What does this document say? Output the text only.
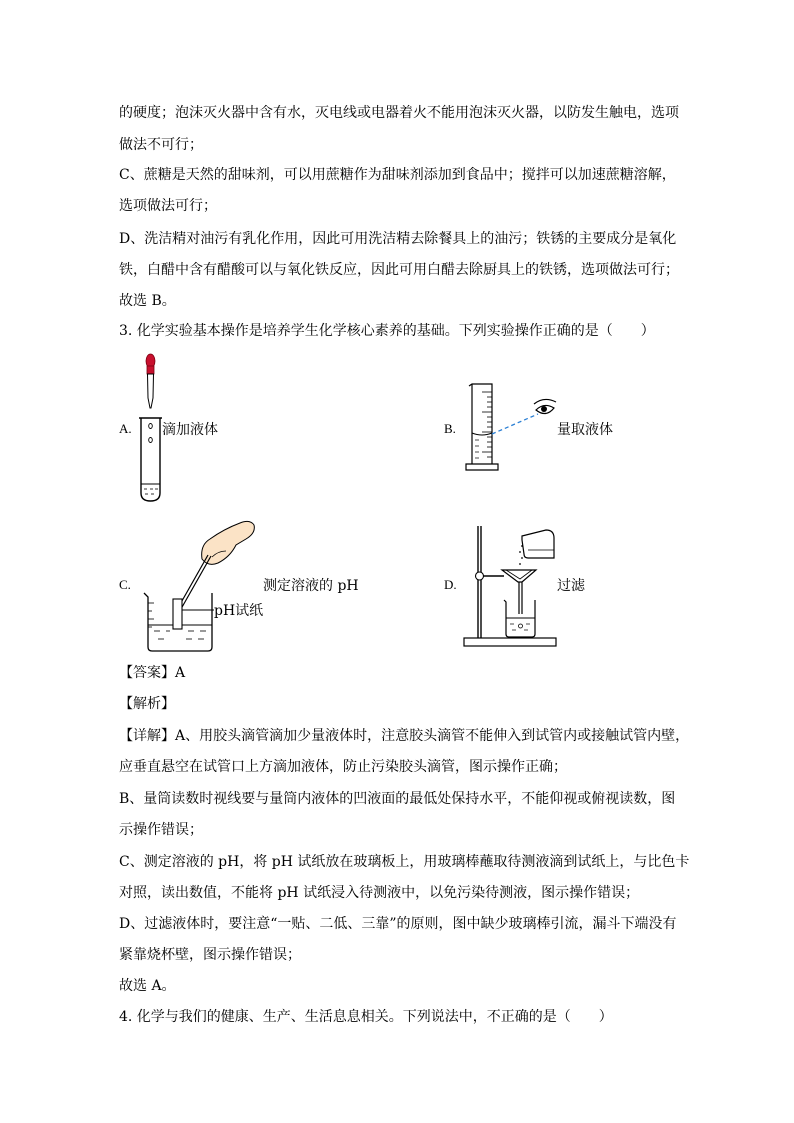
的硬度；泡沫灭火器中含有水，灭电线或电器着火不能用泡沫灭火器，以防发生触电，选项
做法不可行；
C、蔗糖是天然的甜味剂，可以用蔗糖作为甜味剂添加到食品中；搅拌可以加速蔗糖溶解，
选项做法可行；
D、洗洁精对油污有乳化作用，因此可用洗洁精去除餐具上的油污；铁锈的主要成分是氧化
铁，白醋中含有醋酸可以与氧化铁反应，因此可用白醋去除厨具上的铁锈，选项做法可行；
故选 B。
3. 化学实验基本操作是培养学生化学核心素养的基础。下列实验操作正确的是（　　）
A. 滴加液体	B.	量取液体
C.	测定溶液的 pH
pH试纸
D.	过滤
【答案】A
【解析】
【详解】A、用胶头滴管滴加少量液体时，注意胶头滴管不能伸入到试管内或接触试管内壁，
应垂直悬空在试管口上方滴加液体，防止污染胶头滴管，图示操作正确；
B、量筒读数时视线要与量筒内液体的凹液面的最低处保持水平，不能仰视或俯视读数，图
示操作错误；
C、测定溶液的 pH，将 pH 试纸放在玻璃板上，用玻璃棒蘸取待测液滴到试纸上，与比色卡
对照，读出数值，不能将 pH 试纸浸入待测液中，以免污染待测液，图示操作错误；
D、过滤液体时，要注意“一贴、二低、三靠”的原则，图中缺少玻璃棒引流，漏斗下端没有
紧靠烧杯壁，图示操作错误；
故选 A。
4. 化学与我们的健康、生产、生活息息相关。下列说法中，不正确的是（　　）
